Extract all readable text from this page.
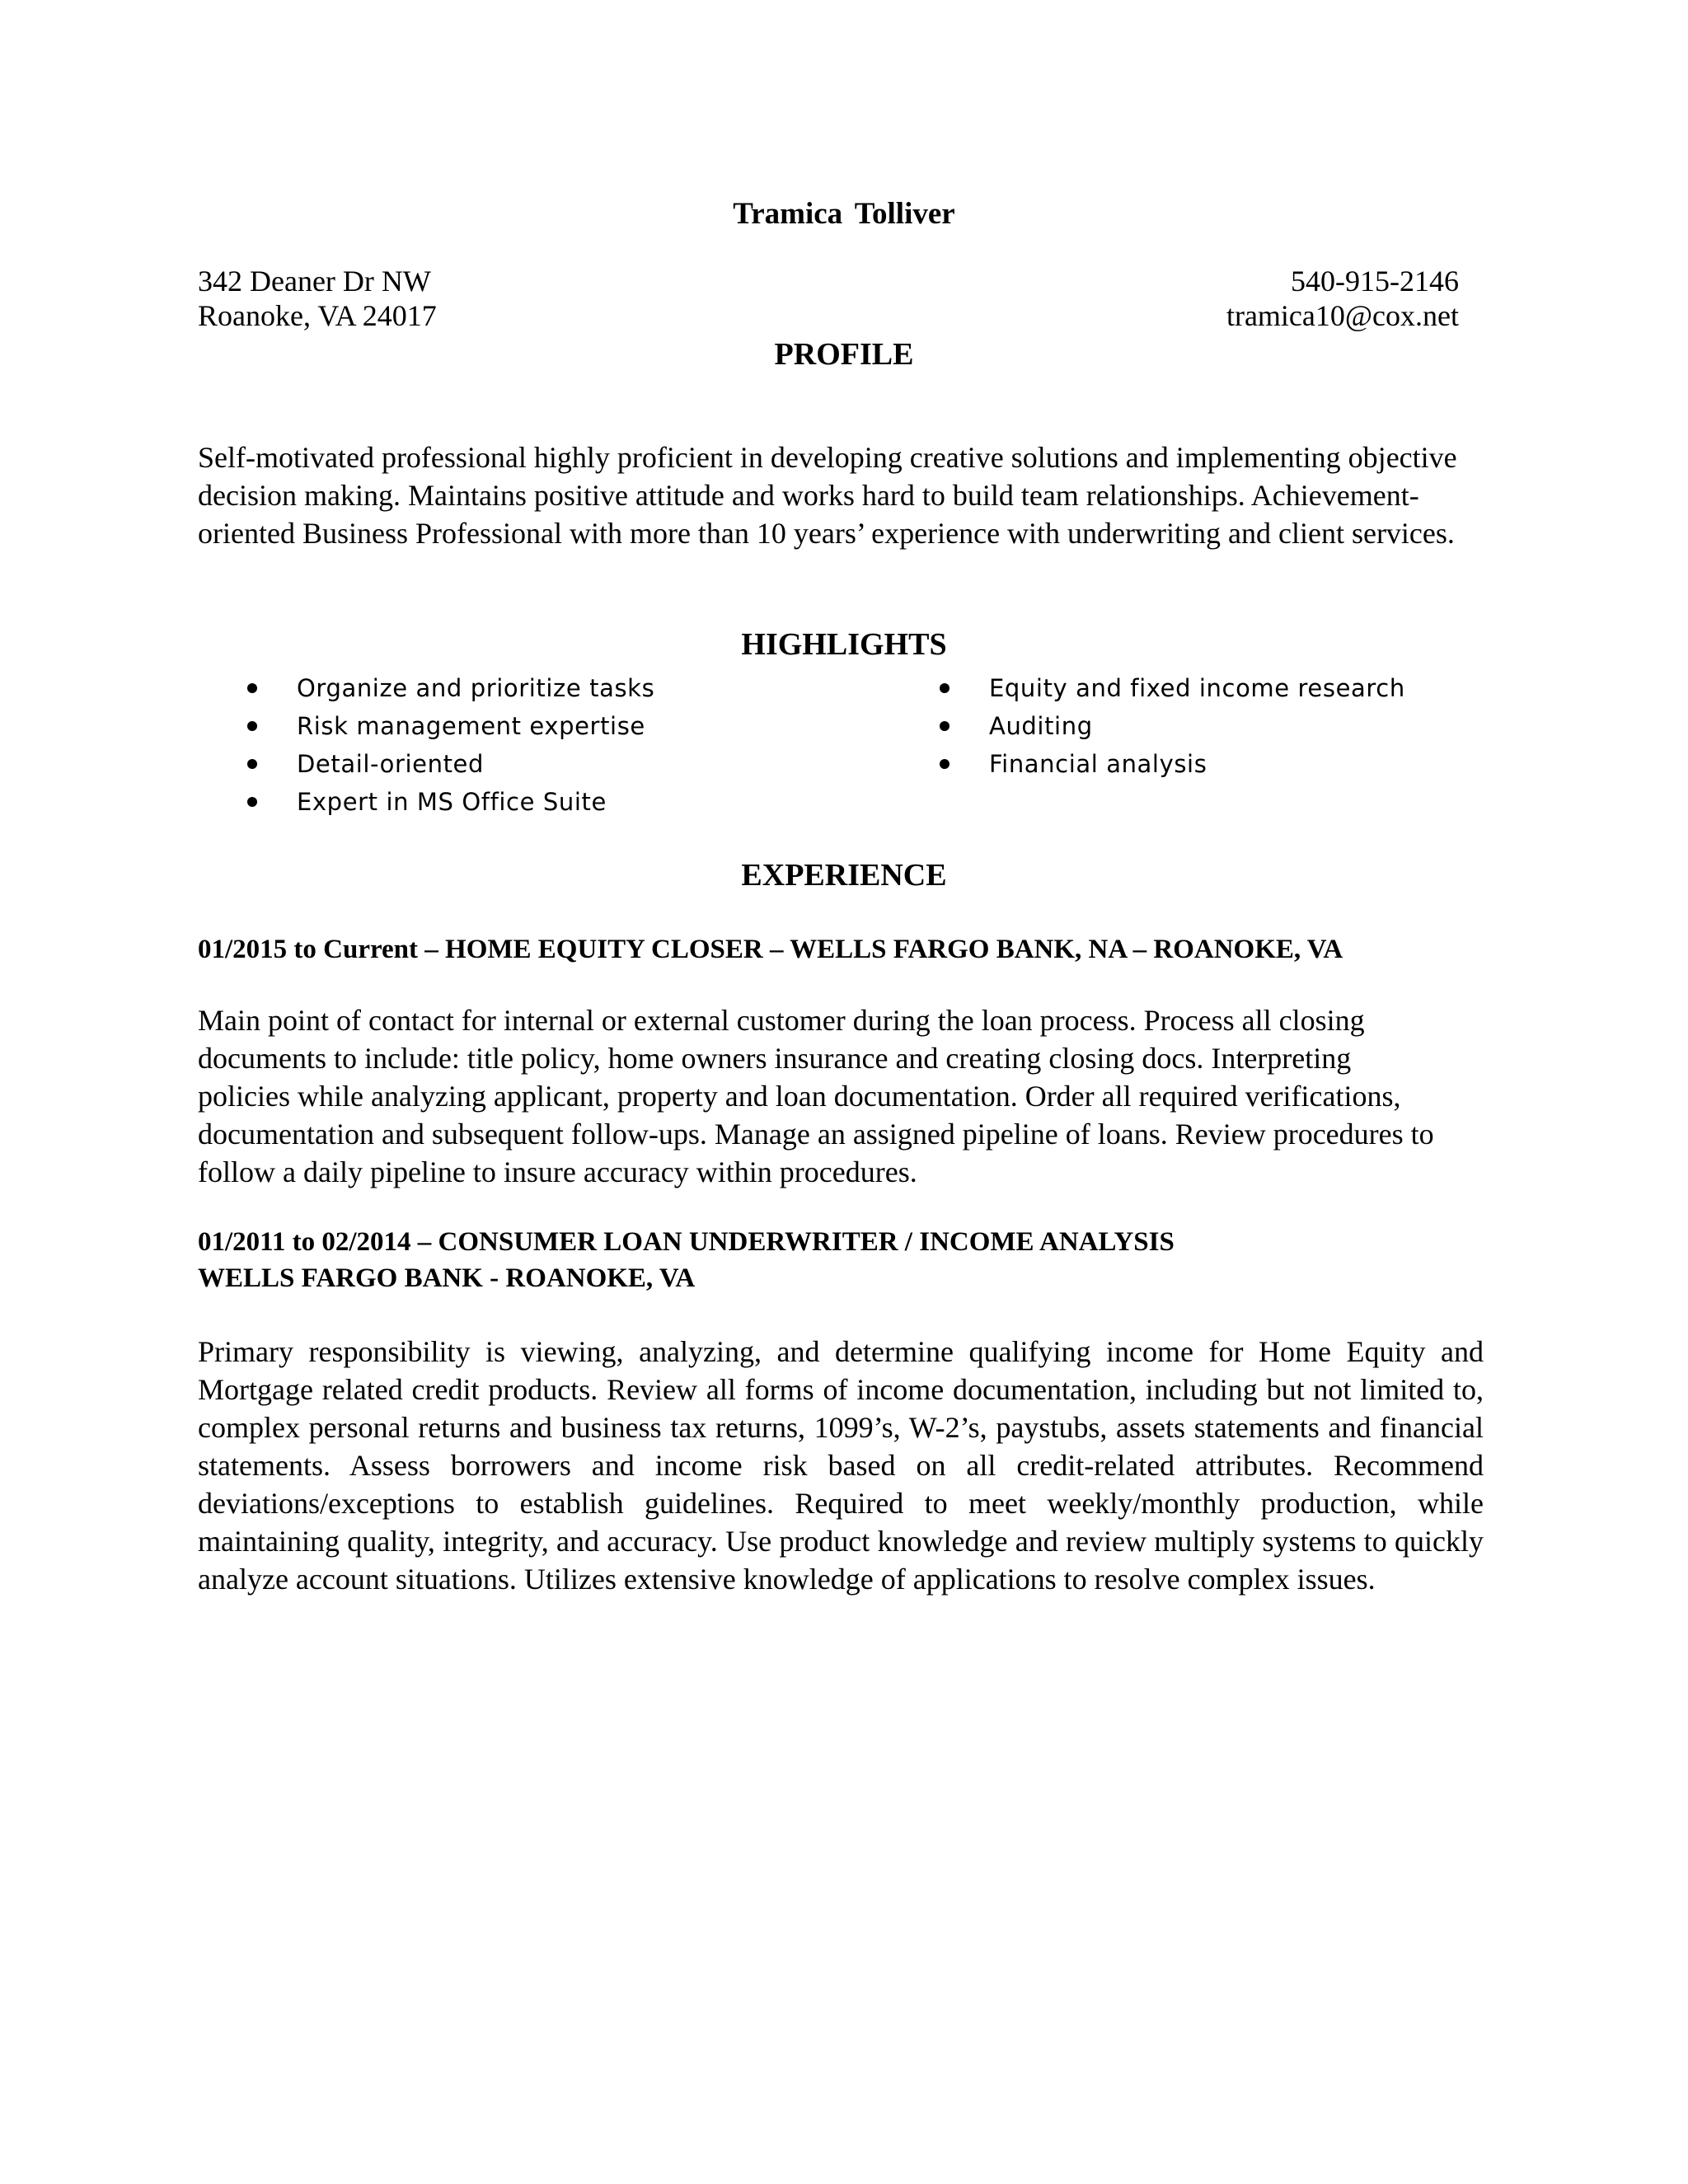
Tramica Tolliver
342 Deaner Dr NW
Roanoke, VA 24017
540-915-2146
tramica10@cox.net
PROFILE
Self-motivated professional highly proficient in developing creative solutions and implementing objective decision making. Maintains positive attitude and works hard to build team relationships. Achievement-oriented Business Professional with more than 10 years’ experience with underwriting and client services.
HIGHLIGHTS
Organize and prioritize tasks
Risk management expertise
Detail-oriented
Expert in MS Office Suite
Equity and fixed income research
Auditing
Financial analysis
EXPERIENCE
01/2015 to Current – HOME EQUITY CLOSER – WELLS FARGO BANK, NA – ROANOKE, VA
Main point of contact for internal or external customer during the loan process. Process all closing documents to include: title policy, home owners insurance and creating closing docs. Interpreting policies while analyzing applicant, property and loan documentation. Order all required verifications, documentation and subsequent follow-ups. Manage an assigned pipeline of loans. Review procedures to follow a daily pipeline to insure accuracy within procedures.
01/2011 to 02/2014 – CONSUMER LOAN UNDERWRITER / INCOME ANALYSIS
WELLS FARGO BANK - ROANOKE, VA
Primary responsibility is viewing, analyzing, and determine qualifying income for Home Equity and Mortgage related credit products. Review all forms of income documentation, including but not limited to, complex personal returns and business tax returns, 1099’s, W-2’s, paystubs, assets statements and financial statements. Assess borrowers and income risk based on all credit-related attributes. Recommend deviations/exceptions to establish guidelines. Required to meet weekly/monthly production, while maintaining quality, integrity, and accuracy. Use product knowledge and review multiply systems to quickly analyze account situations. Utilizes extensive knowledge of applications to resolve complex issues.
